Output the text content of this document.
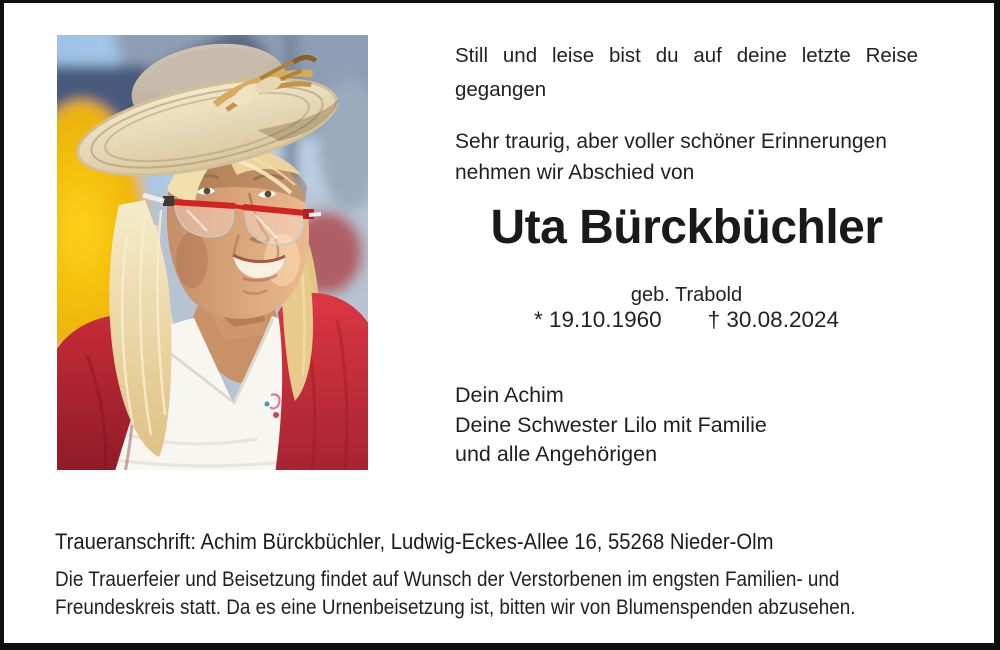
Still und leise bist du auf deine letzte Reise
gegangen
Sehr traurig, aber voller schöner Erinnerungen
nehmen wir Abschied von
Uta Bürckbüchler
geb. Trabold
* 19.10.1960 † 30.08.2024
Dein Achim
Deine Schwester Lilo mit Familie
und alle Angehörigen
Traueranschrift: Achim Bürckbüchler, Ludwig-Eckes-Allee 16, 55268 Nieder-Olm
Die Trauerfeier und Beisetzung findet auf Wunsch der Verstorbenen im engsten Familien- und
Freundeskreis statt. Da es eine Urnenbeisetzung ist, bitten wir von Blumenspenden abzusehen.
